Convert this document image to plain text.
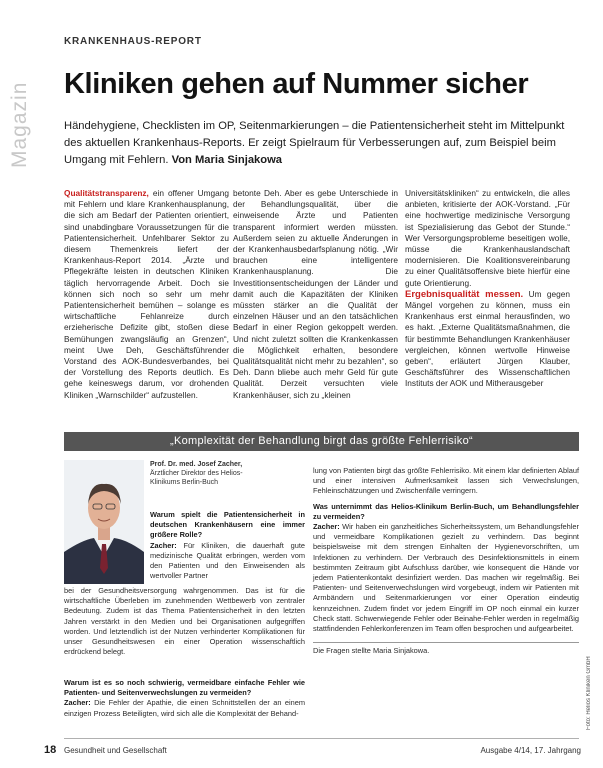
Magazin
KRANKENHAUS-REPORT
Kliniken gehen auf Nummer sicher

Händehygiene, Checklisten im OP, Seitenmarkierungen – die Patientensicherheit steht im Mittelpunkt des aktuellen Krankenhaus-Reports. Er zeigt Spielraum für Verbesserungen auf, zum Beispiel beim Umgang mit Fehlern. Von Maria Sinjakowa

Qualitätstransparenz, ein offener Umgang mit Fehlern und klare Krankenhausplanung, die sich am Bedarf der Patienten orientiert, sind unabdingbare Voraussetzungen für die Patientensicherheit. Unfehlbarer Sektor zu diesem Themenkreis liefert der Krankenhaus-Report 2014. „Ärzte und Pflegekräfte leisten in deutschen Kliniken täglich hervorragende Arbeit. Doch sie können sich noch so sehr um mehr Patientensicherheit bemühen – solange es wirtschaftliche Fehlanreize durch erzieherische Defizite gibt, stoßen diese Bemühungen zwangsläufig an Grenzen“, meint Uwe Deh, Geschäftsführender Vorstand des AOK-Bundesverbandes, bei der Vorstellung des Reports deutlich. Es gehe keineswegs darum, vor drohenden Kliniken „Warnschilder“ aufzustellen.

betonte Deh. Aber es gebe Unterschiede in der Behandlungsqualität, über die einweisende Ärzte und Patienten transparent informiert werden müssten. Außerdem seien zu aktuelle Änderungen in der Krankenhausbedarfsplanung nötig. „Wir brauchen eine intelligentere Krankenhausplanung. Die Investitionsentscheidungen der Länder und damit auch die Kapazitäten der Kliniken müssten stärker an die Qualität der einzelnen Häuser und an den tatsächlichen Bedarf in einer Region gekoppelt werden. Und nicht zuletzt sollten die Krankenkassen die Möglichkeit erhalten, besondere Qualitätsqualität nicht mehr zu bezahlen“, so Deh. Dann bliebe auch mehr Geld für gute Qualität. Derzeit versuchten viele Krankenhäuser, sich zu „kleinen

Universitätskliniken“ zu entwickeln, die alles anbieten, kritisierte der AOK-Vorstand. „Für eine hochwertige medizinische Versorgung ist Spezialisierung das Gebot der Stunde.“ Wer Versorgungsprobleme beseitigen wolle, müsse die Krankenhauslandschaft modernisieren. Die Koalitionsvereinbarung zu einer Qualitätsoffensive biete hierfür eine gute Orientierung.

Ergebnisqualität messen. Um gegen Mängel vorgehen zu können, muss ein Krankenhaus erst einmal herausfinden, wo es hakt. „Externe Qualitätsmaßnahmen, die für bestimmte Behandlungen Krankenhäuser vergleichen, können wertvolle Hinweise geben“, erläutert Jürgen Klauber, Geschäftsführer des Wissenschaftlichen Instituts der AOK und Mitherausgeber

„Komplexität der Behandlung birgt das größte Fehlerrisiko“
Prof. Dr. med. Josef Zacher,
Ärztlicher Direktor des Helios-Klinikums Berlin-Buch

Warum spielt die Patientensicherheit in deutschen Krankenhäusern eine immer größere Rolle?

Zacher: Für Kliniken, die dauerhaft gute medizinische Qualität erbringen, werden vom den Patienten und den Einweisenden als wertvoller Partner

bei der Gesundheitsversorgung wahrgenommen. Das ist für die wirtschaftliche Überleben im zunehmenden Wettbewerb von zentraler Bedeutung. Zudem ist das Thema Patientensicherheit in den letzten Jahren verstärkt in den Medien und bei Organisationen aufgegriffen worden. Und letztendlich ist der Nutzen verhinderter Komplikationen für unser Gesundheitswesen ein einer Operation wissenschaftlich erdrückend belegt.

Warum ist es so noch schwierig, vermeidbare einfache Fehler wie Patienten- und Seitenverwechslungen zu vermeiden?

Zacher: Die Fehler der Apathie, die einen Schnittstellen der an einem einzigen Prozess Beteiligten, wird sich alle die Komplexität der Behand-

lung von Patienten birgt das größte Fehlerrisiko. Mit einem klar definierten Ablauf und einer intensiven Aufmerksamkeit lassen sich Verwechslungen, Fehleinschätzungen und Zwischenfälle verringern.

Was unternimmt das Helios-Klinikum Berlin-Buch, um Behandlungsfehler zu vermeiden?

Zacher: Wir haben ein ganzheitliches Sicherheitssystem, um Behandlungsfehler und vermeidbare Komplikationen gezielt zu verhindern. Das beginnt beispielsweise mit dem strengen Einhalten der Hygienevorschriften, um Infektionen zu verhindern. Der Verbrauch des Desinfektionsmittels in einem bestimmten Zeitraum gibt Aufschluss darüber, wie konsequent die Hände vor jedem Patientenkontakt desinfiziert werden. Das machen wir regelmäßig. Bei Patienten- und Seitenverwechslungen wird vorgebeugt, indem wir Patienten mit Armbändern und Seitenmarkierungen vor einer Operation eindeutig kennzeichnen. Zudem findet vor jedem Eingriff im OP noch einmal ein kurzer Check statt. Schwerwiegende Fehler oder Beinahe-Fehler werden in regelmäßig stattfindenden Fehlerkonferenzen im Team offen besprochen und aufgearbeitet.

Die Fragen stellte Maria Sinjakowa.

Foto: Helios Kliniken GmbH
18 Gesundheit und Gesellschaft	Ausgabe 4/14, 17. Jahrgang
